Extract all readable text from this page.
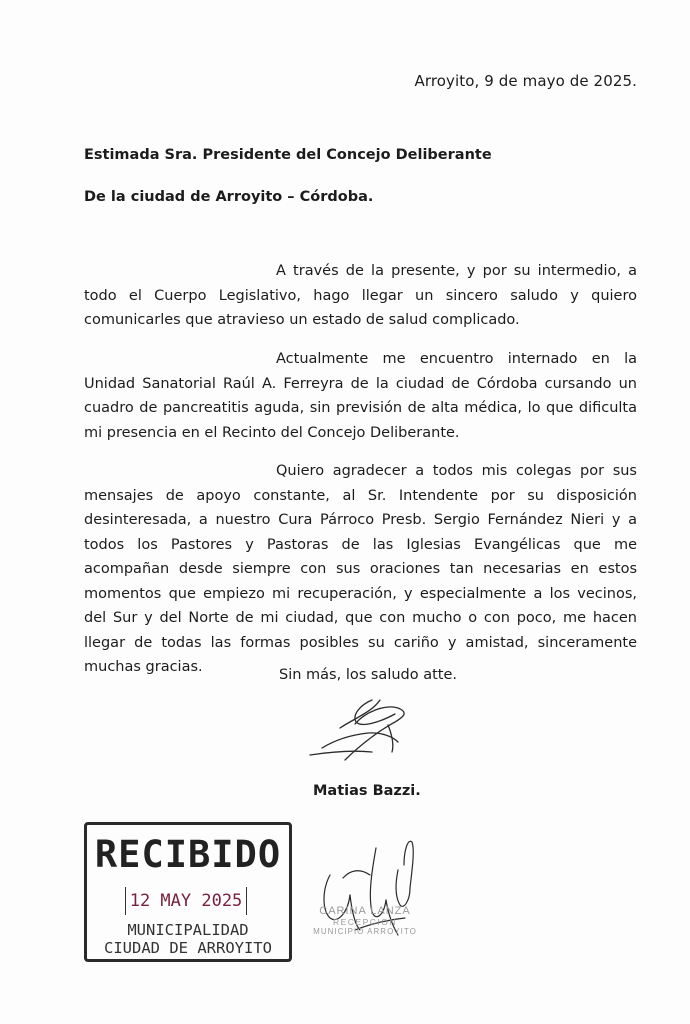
Arroyito, 9 de mayo de 2025.
Estimada Sra. Presidente del Concejo Deliberante
De la ciudad de Arroyito – Córdoba.
A través de la presente, y por su intermedio, a todo el Cuerpo Legislativo, hago llegar un sincero saludo y quiero comunicarles que atravieso un estado de salud complicado.
Actualmente me encuentro internado en la Unidad Sanatorial Raúl A. Ferreyra de la ciudad de Córdoba cursando un cuadro de pancreatitis aguda, sin previsión de alta médica, lo que dificulta mi presencia en el Recinto del Concejo Deliberante.
Quiero agradecer a todos mis colegas por sus mensajes de apoyo constante, al Sr. Intendente por su disposición desinteresada, a nuestro Cura Párroco Presb. Sergio Fernández Nieri y a todos los Pastores y Pastoras de las Iglesias Evangélicas que me acompañan desde siempre con sus oraciones tan necesarias en estos momentos que empiezo mi recuperación, y especialmente a los vecinos, del Sur y del Norte de mi ciudad, que con mucho o con poco, me hacen llegar de todas las formas posibles su cariño y amistad, sinceramente muchas gracias.	Sin más, los saludo atte.
Matias Bazzi.
RECIBIDO
12 MAY 2025
MUNICIPALIDAD
CIUDAD DE ARROYITO
CARINA LANZA
RECEPCION
MUNICIPIO ARROYITO
